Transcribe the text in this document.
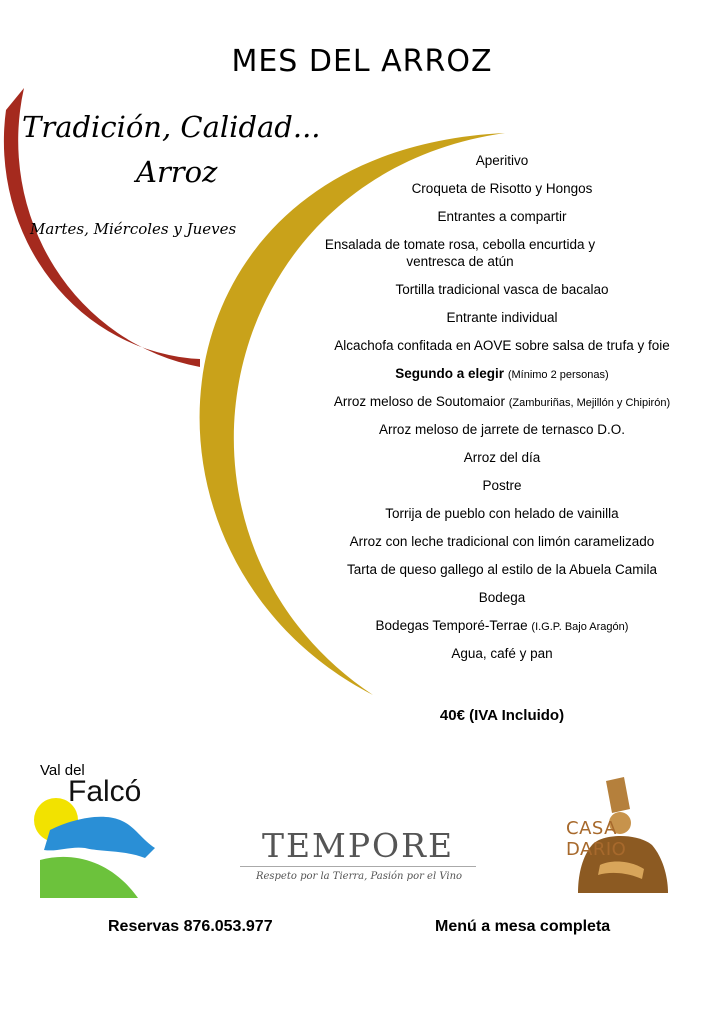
MES DEL ARROZ
Tradición, Calidad...
Arroz
Martes, Miércoles y Jueves
Aperitivo
Croqueta de Risotto y Hongos
Entrantes a compartir
Ensalada de tomate rosa, cebolla encurtida y
ventresca de atún
Tortilla tradicional vasca de bacalao
Entrante individual
Alcachofa confitada en AOVE sobre salsa de trufa y foie
Segundo a elegir (Mínimo 2 personas)
Arroz meloso de Soutomaior (Zamburiñas, Mejillón y Chipirón)
Arroz meloso de jarrete de ternasco D.O.
Arroz del día
Postre
Torrija de pueblo con helado de vainilla
Arroz con leche tradicional con limón caramelizado
Tarta de queso gallego al estilo de la Abuela Camila
Bodega
Bodegas Temporé-Terrae (I.G.P. Bajo Aragón)
Agua, café y pan
40€ (IVA Incluido)
Val del
Falcó
TEMPORE
Respeto por la Tierra, Pasión por el Vino
CASA
DARIO
Reservas 876.053.977	Menú a mesa completa
